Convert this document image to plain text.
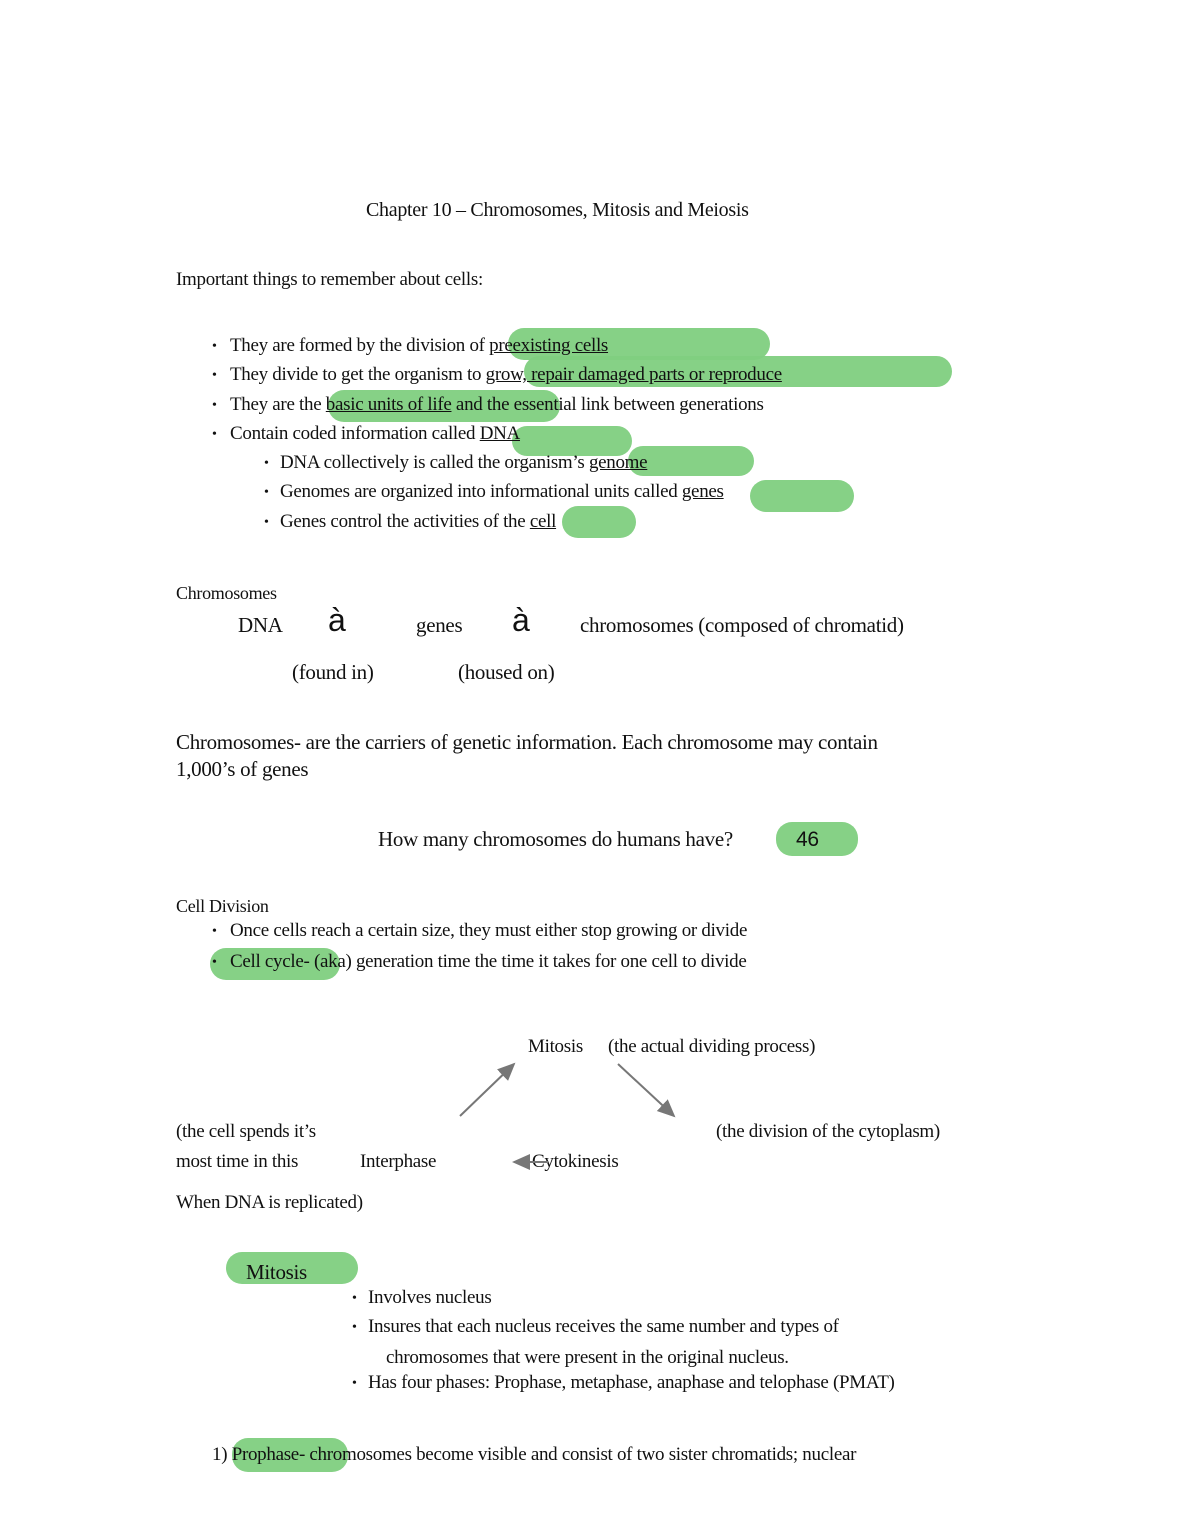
Chapter 10 – Chromosomes, Mitosis and Meiosis
Important things to remember about cells:
• They are formed by the division of preexisting cells
• They divide to get the organism to grow, repair damaged parts or reproduce
• They are the basic units of life and the essential link between generations
• Contain coded information called DNA
• DNA collectively is called the organism’s genome
• Genomes are organized into informational units called genes
• Genes control the activities of the cell
Chromosomes
DNA à	genes à chromosomes (composed of chromatid)
(found in)	(housed on)
Chromosomes- are the carriers of genetic information. Each chromosome may contain
1,000’s of genes
How many chromosomes do humans have?	46
Cell Division
• Once cells reach a certain size, they must either stop growing or divide
• Cell cycle- (aka) generation time the time it takes for one cell to divide
Mitosis (the actual dividing process)
(the cell spends it’s	(the division of the cytoplasm)
most time in this	Interphase	Cytokinesis
When DNA is replicated)
Mitosis
• Involves nucleus
• Insures that each nucleus receives the same number and types of
chromosomes that were present in the original nucleus.
• Has four phases: Prophase, metaphase, anaphase and telophase (PMAT)
1) Prophase- chromosomes become visible and consist of two sister chromatids; nuclear
